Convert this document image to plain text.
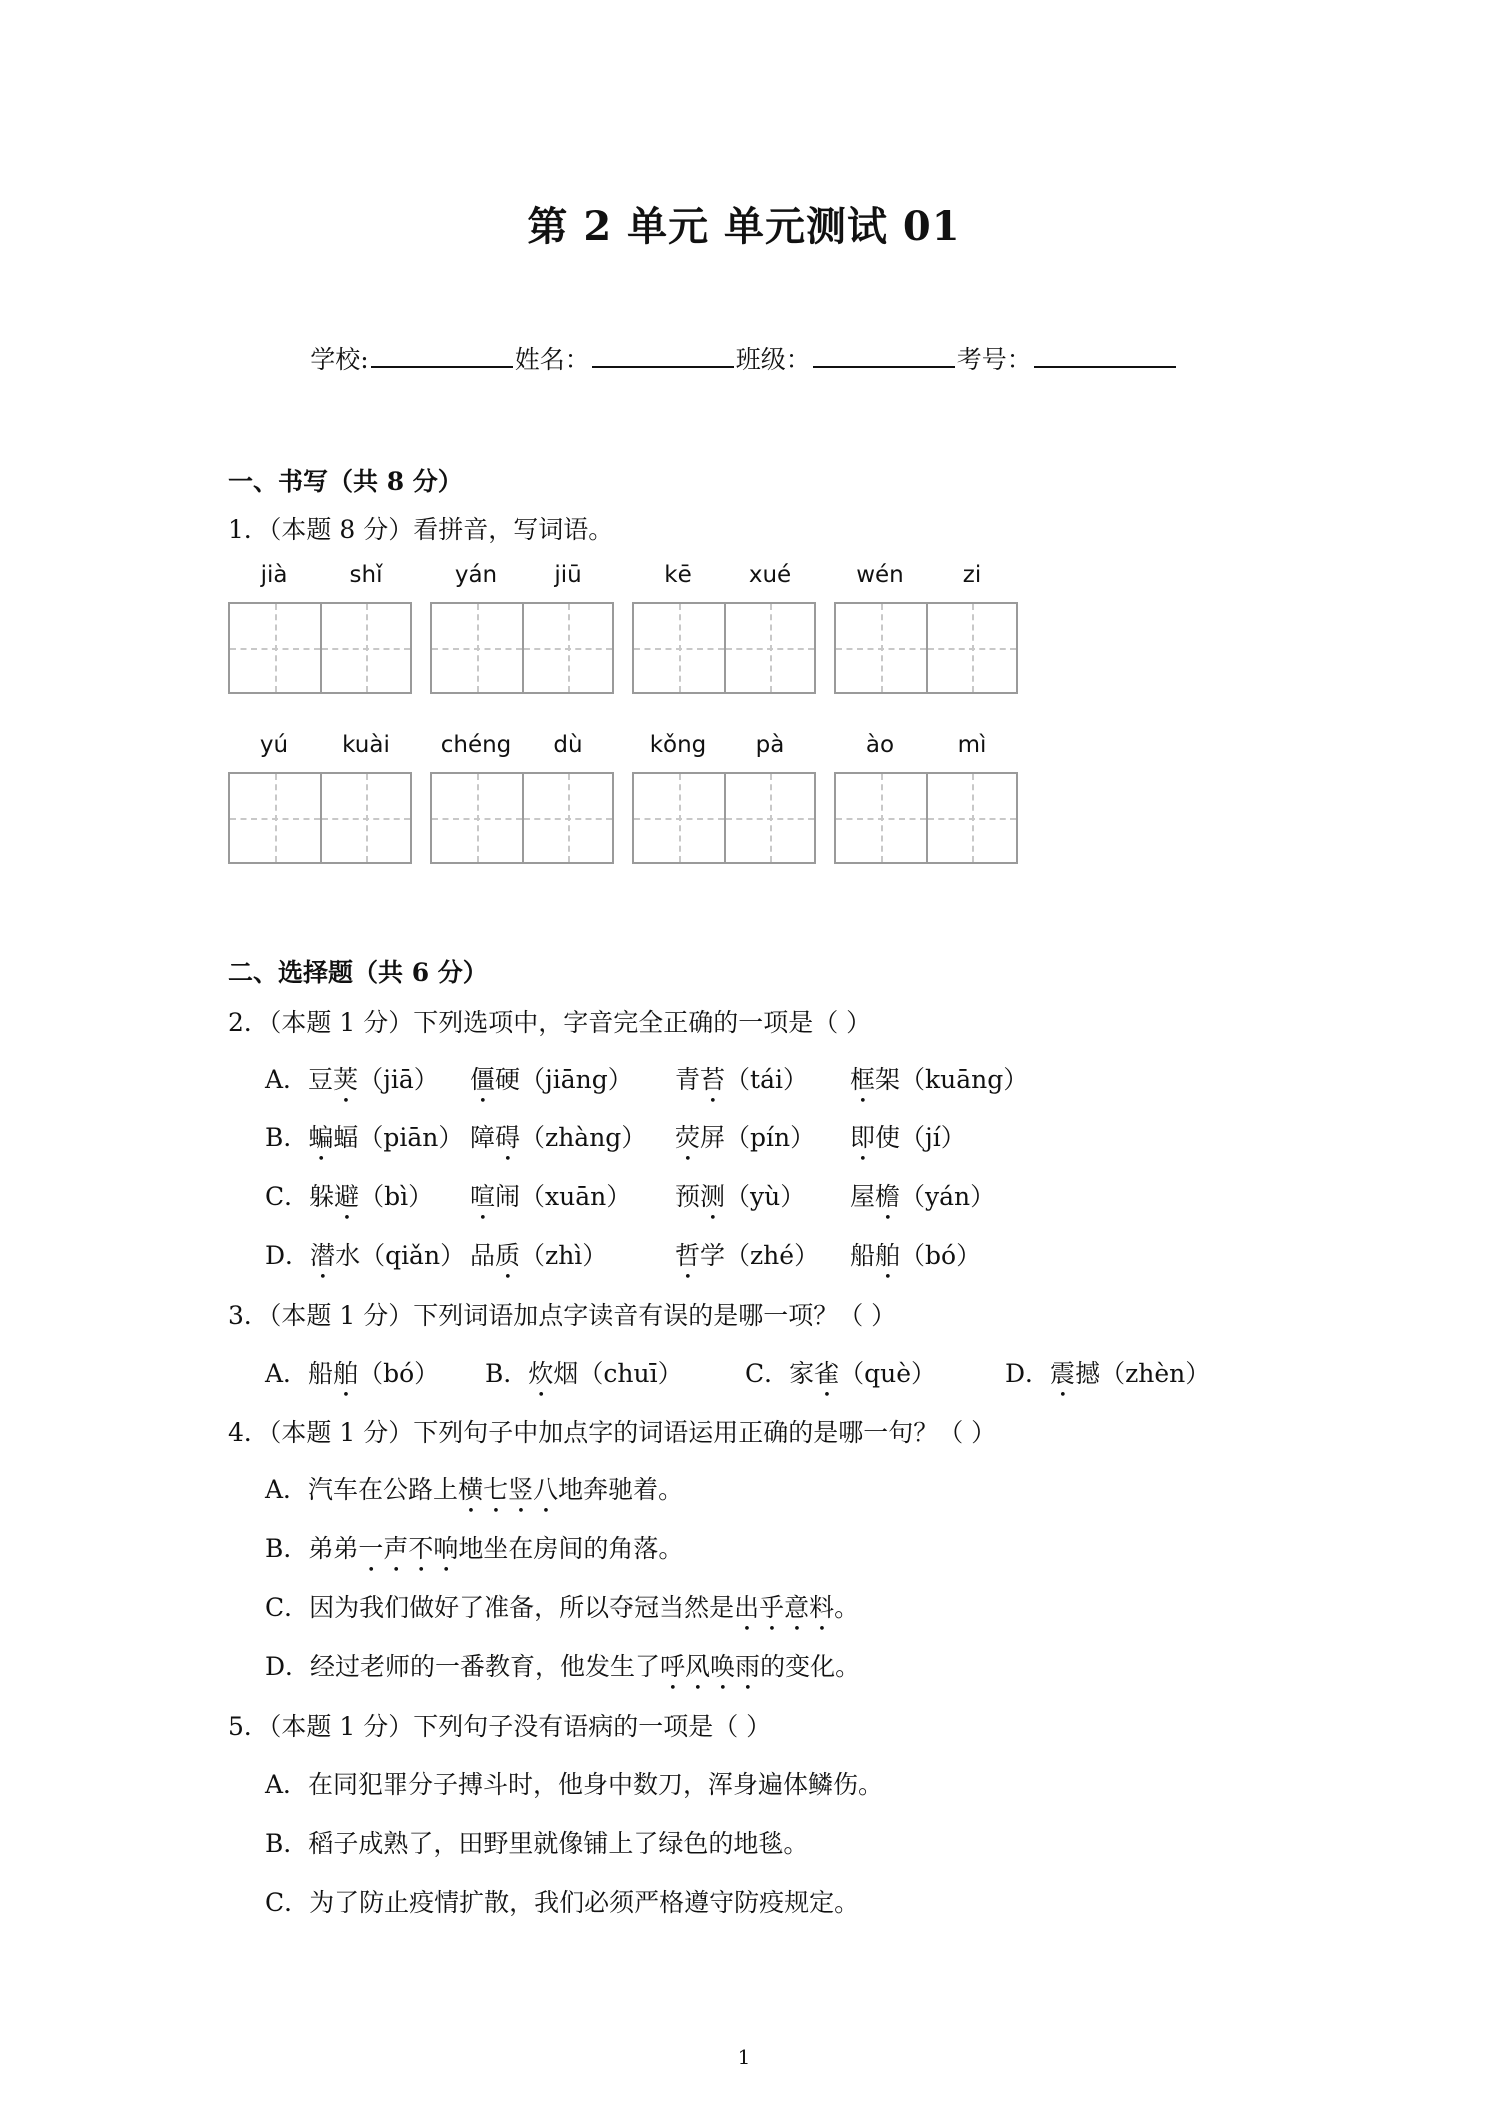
第 2 单元 单元测试 01
学校:	姓名：	班级：	考号：
一、书写（共 8 分）
1．（本题 8 分）看拼音，写词语。
jià	shǐ	yán	jiū	kē	xué	wén	zi
yú	kuài	chéng	dù	kǒng	pà	ào	mì
二、选择题（共 6 分）
2．（本题 1 分）下列选项中，字音完全正确的一项是（ ）
A．豆荚（jiā）	僵硬（jiāng）	青苔（tái）	框架（kuāng）
B．蝙蝠（piān） 障碍（zhàng）	荧屏（pín）	即使（jí）
C．躲避（bì）	喧闹（xuān）	预测（yù）	屋檐（yán）
D．潜水（qiǎn） 品质（zhì）	哲学（zhé）	船舶（bó）
3．（本题 1 分）下列词语加点字读音有误的是哪一项？（ ）
A．船舶（bó）	B．炊烟（chuī）	C．家雀（què）	D．震撼（zhèn）
4．（本题 1 分）下列句子中加点字的词语运用正确的是哪一句？（ ）
A．汽车在公路上横七竖八地奔驰着。
B．弟弟一声不响地坐在房间的角落。
C．因为我们做好了准备，所以夺冠当然是出乎意料。
D．经过老师的一番教育，他发生了呼风唤雨的变化。
5．（本题 1 分）下列句子没有语病的一项是（ ）
A．在同犯罪分子搏斗时，他身中数刀，浑身遍体鳞伤。
B．稻子成熟了，田野里就像铺上了绿色的地毯。
C．为了防止疫情扩散，我们必须严格遵守防疫规定。
1
